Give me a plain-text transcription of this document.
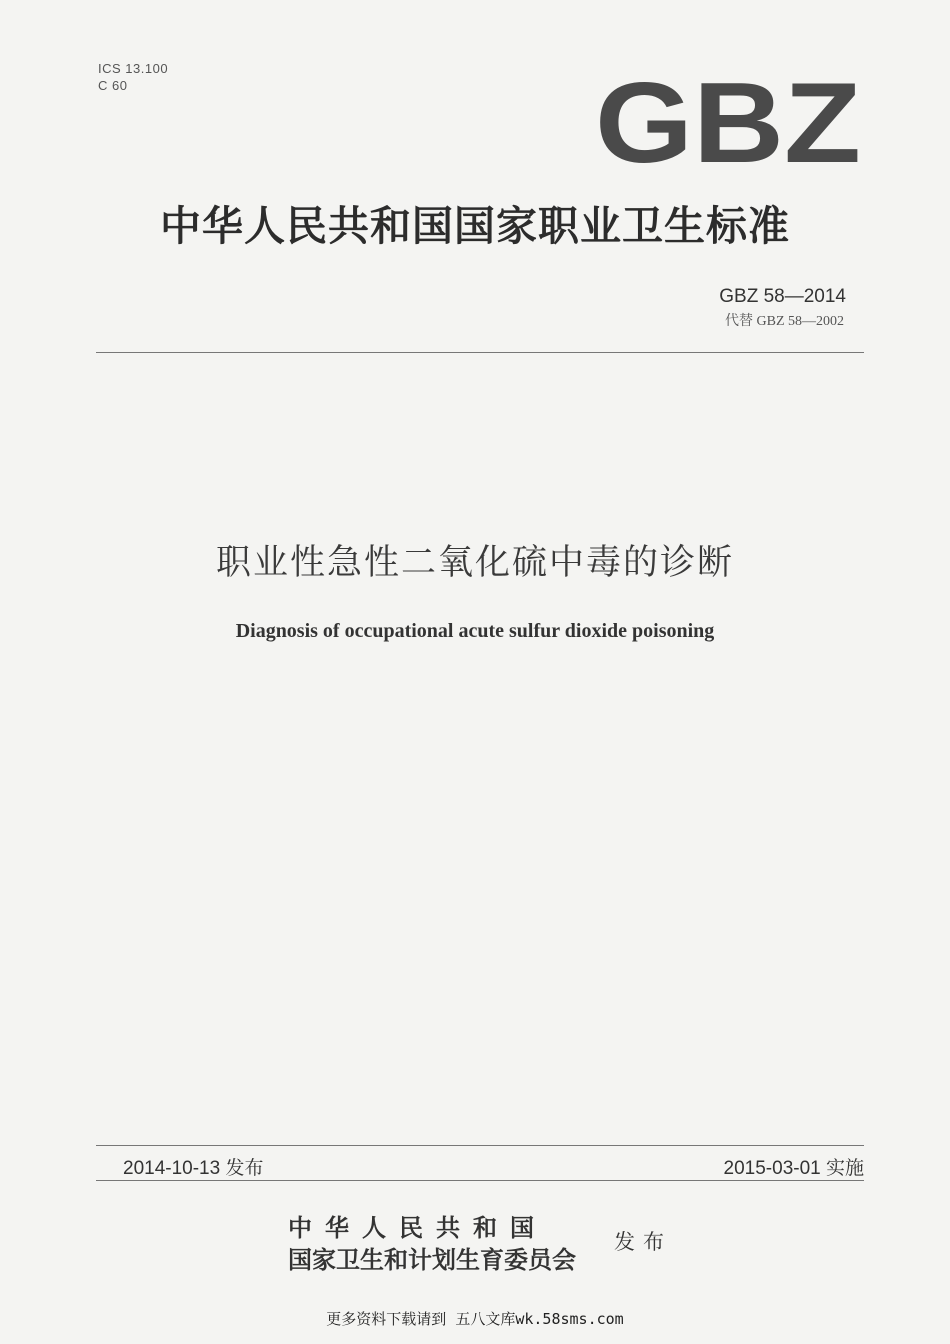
ICS 13.100
C 60	GBZ
中华人民共和国国家职业卫生标准
GBZ 58—2014
代替 GBZ 58—2002
职业性急性二氧化硫中毒的诊断
Diagnosis of occupational acute sulfur dioxide poisoning
2014-10-13 发布	2015-03-01 实施
中华人民共和国
国家卫生和计划生育委员会
发布
更多资料下载请到 五八文库wk.58sms.com
